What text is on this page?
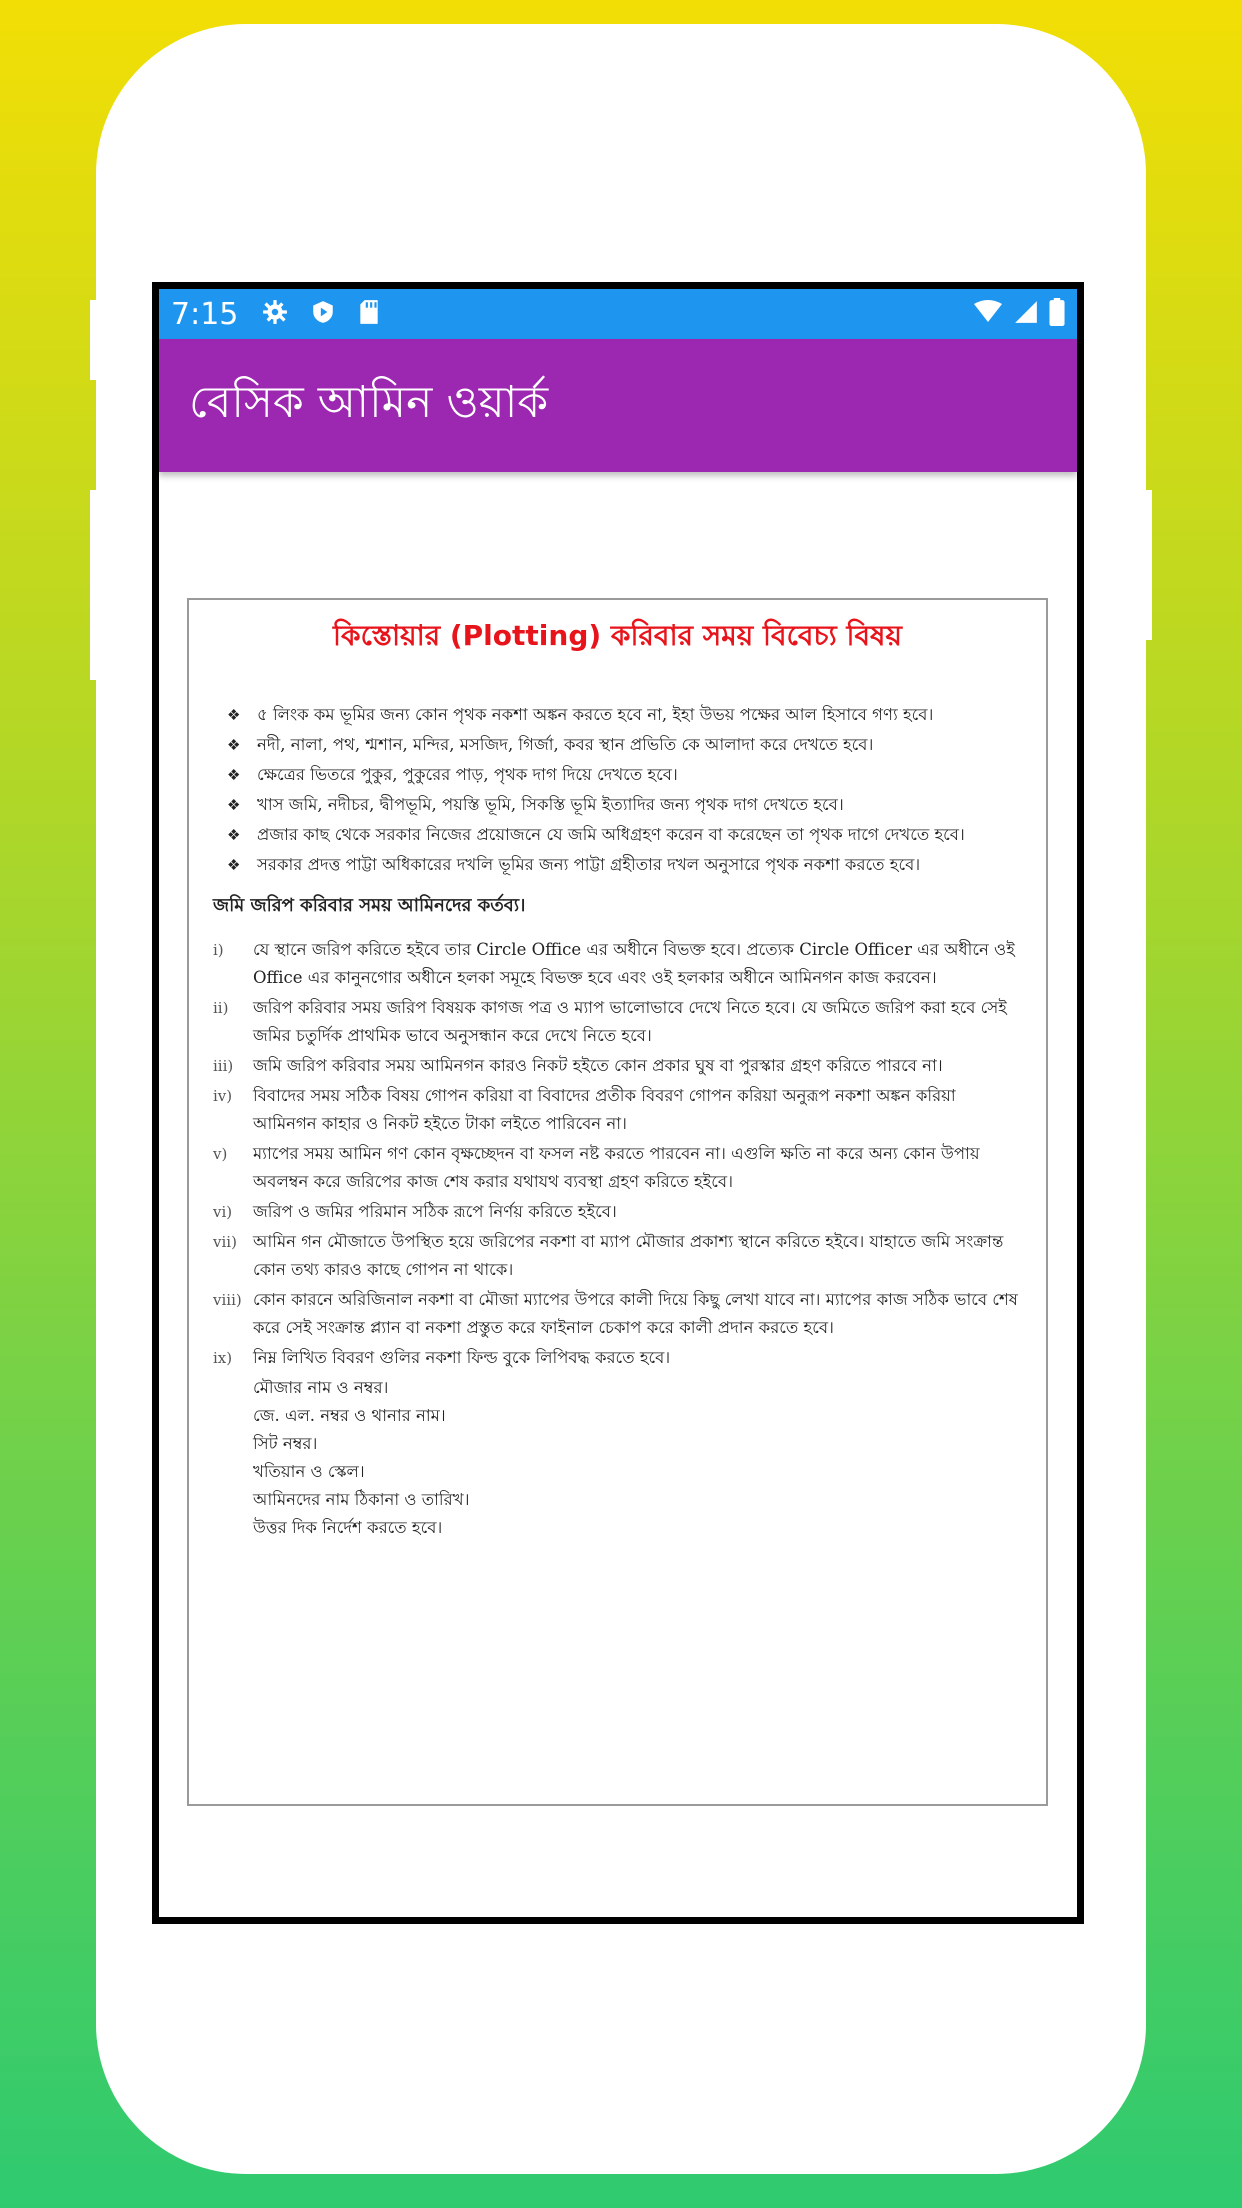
7:15
বেসিক আমিন ওয়ার্ক
কিস্তোয়ার (Plotting) করিবার সময় বিবেচ্য বিষয়
❖	৫ লিংক কম ভূমির জন্য কোন পৃথক নকশা অঙ্কন করতে হবে না, ইহা উভয় পক্ষের আল হিসাবে গণ্য হবে।
❖	নদী, নালা, পথ, শ্মশান, মন্দির, মসজিদ, গির্জা, কবর স্থান প্রভিতি কে আলাদা করে দেখতে হবে।
❖	ক্ষেত্রের ভিতরে পুকুর, পুকুরের পাড়, পৃথক দাগ দিয়ে দেখতে হবে।
❖	খাস জমি, নদীচর, দ্বীপভূমি, পয়স্তি ভূমি, সিকস্তি ভূমি ইত্যাদির জন্য পৃথক দাগ দেখতে হবে।
❖	প্রজার কাছ থেকে সরকার নিজের প্রয়োজনে যে জমি অধিগ্রহণ করেন বা করেছেন তা পৃথক দাগে দেখতে হবে।
❖	সরকার প্রদত্ত পাট্টা অধিকারের দখলি ভূমির জন্য পাট্টা গ্রহীতার দখল অনুসারে পৃথক নকশা করতে হবে।
জমি জরিপ করিবার সময় আমিনদের কর্তব্য।
i)	যে স্থানে জরিপ করিতে হইবে তার Circle Office এর অধীনে বিভক্ত হবে। প্রত্যেক Circle Officer এর অধীনে ওই Office এর কানুনগোর অধীনে হলকা সমূহে বিভক্ত হবে এবং ওই হলকার অধীনে আমিনগন কাজ করবেন।
ii)	জরিপ করিবার সময় জরিপ বিষয়ক কাগজ পত্র ও ম্যাপ ভালোভাবে দেখে নিতে হবে। যে জমিতে জরিপ করা হবে সেই জমির চতুর্দিক প্রাথমিক ভাবে অনুসন্ধান করে দেখে নিতে হবে।
iii)	জমি জরিপ করিবার সময় আমিনগন কারও নিকট হইতে কোন প্রকার ঘুষ বা পুরস্কার গ্রহণ করিতে পারবে না।
iv)	বিবাদের সময় সঠিক বিষয় গোপন করিয়া বা বিবাদের প্রতীক বিবরণ গোপন করিয়া অনুরূপ নকশা অঙ্কন করিয়া আমিনগন কাহার ও নিকট হইতে টাকা লইতে পারিবেন না।
v)	ম্যাপের সময় আমিন গণ কোন বৃক্ষচ্ছেদন বা ফসল নষ্ট করতে পারবেন না। এগুলি ক্ষতি না করে অন্য কোন উপায় অবলম্বন করে জরিপের কাজ শেষ করার যথাযথ ব্যবস্থা গ্রহণ করিতে হইবে।
vi)	জরিপ ও জমির পরিমান সঠিক রূপে নির্ণয় করিতে হইবে।
vii) আমিন গন মৌজাতে উপস্থিত হয়ে জরিপের নকশা বা ম্যাপ মৌজার প্রকাশ্য স্থানে করিতে হইবে। যাহাতে জমি সংক্রান্ত কোন তথ্য কারও কাছে গোপন না থাকে।
viii) কোন কারনে অরিজিনাল নকশা বা মৌজা ম্যাপের উপরে কালী দিয়ে কিছু লেখা যাবে না। ম্যাপের কাজ সঠিক ভাবে শেষ করে সেই সংক্রান্ত প্ল্যান বা নকশা প্রস্তুত করে ফাইনাল চেকাপ করে কালী প্রদান করতে হবে।
ix)	নিম্ন লিখিত বিবরণ গুলির নকশা ফিল্ড বুকে লিপিবদ্ধ করতে হবে।
মৌজার নাম ও নম্বর।
জে. এল. নম্বর ও থানার নাম।
সিট নম্বর।
খতিয়ান ও স্কেল।
আমিনদের নাম ঠিকানা ও তারিখ।
উত্তর দিক নির্দেশ করতে হবে।
